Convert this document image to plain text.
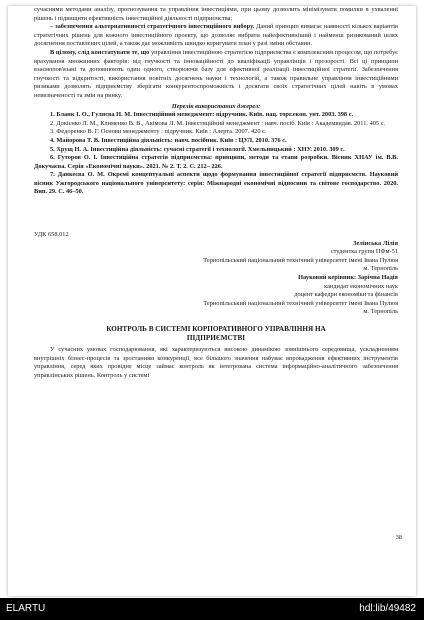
сучасними методами аналізу, прогнозування та управління інвестиціями, при цьому дозволить мінімізувати помилки в ухваленні рішень і підвищити ефективність інвестиційної діяльності підприємства;

– забезпечення альтернативності стратегічного інвестиційного вибору. Даний принцип вимагає наявності кількох варіантів стратегічних рішень для кожного інвестиційного проекту, що дозволяє вибрати найефективніший і найменш ризикований шлях досягнення поставлених цілей, а також дає можливість швидко коригувати план у разі зміни обставин.

В цілому, слід констатувати те, що управління інвестиційною стратегією підприємства є комплексним процесом, що потребує врахування множинних факторів: від гнучкості та інноваційності до кваліфікації управлінців і прозорості. Всі ці принципи взаємопов'язані та доповнюють один одного, створюючи базу для ефективної реалізації інвестиційної стратегії. Забезпечення гнучкості та відкритості, використання новітніх досягнень науки і технологій, а також правильне управління інвестиційними ризиками дозволять підприємству зберігати конкурентоспроможність і досягати своїх стратегічних цілей навіть в умовах невизначеності та змін на ринку.

Перелік використаних джерел:

1. Бланк І. О., Гуляєва Н. М. Інвестиційний менеджмент: підручник. Київ. нац. торг.екон. унт. 2003. 398 с.

2. Докієнко Л. М., Клименко В. В., Акімова Л. М. Інвестиційний менеджмент : навч. посіб. Київ : Академвидав. 2011. 405 с.

3. Федоренко В. Г. Основи менеджменту : підручник. Київ : Алерта. 2007. 420 с.

4. Майорова Т. В. Інвестиційна діяльність: навч. посібник. Київ : ЦУЛ, 2010. 376 с.

5. Хрущ Н. А. Інвестиційна діяльність: сучасні стратегії і технології. Хмельницький : ХНУ. 2010. 309 с.

6. Гуторов О. І. Інвестиційна стратегія підприємства: принципи, методи та етапи розробки. Вісник ХНАУ ім. В.В. Докучаєва. Серія «Економічні науки». 2021. № 2. Т. 2. С. 212– 226.

7. Данкеєва О. М. Окремі концептуальні аспекти щодо формування інвестиційної стратегії підприємств. Науковий вісник Ужгородського національного університету: серія: Міжнародні економічні відносини та світове господарство. 2020. Вип. 29. С. 46–50.

УДК 658.012

Зелінська Лілія

студентка групи ПФм-51

Тернопільський національний технічний університет імені Івана Пулюя

м. Тернопіль

Науковий керівник: Зарічна Надія

кандидат економічних наук

доцент кафедри економіки та фінансів

Тернопільський національний технічний університет імені Івана Пулюя

м. Тернопіль

КОНТРОЛЬ В СИСТЕМІ КОРПОРАТИВНОГО УПРАВЛІННЯ НА
ПІДПРИЄМСТВІ

У сучасних умовах господарювання, які характеризуються високою динамікою зовнішнього середовища, ускладненням внутрішніх бізнес-процесів та зростанням конкуренції, все більшого значення набуває впровадження ефективних інструментів управління, серед яких провідне місце займає контроль як інтегрована система інформаційно-аналітичного забезпечення управлінських рішень. Контроль у системі

38
ELARTU	hdl:lib/49482
